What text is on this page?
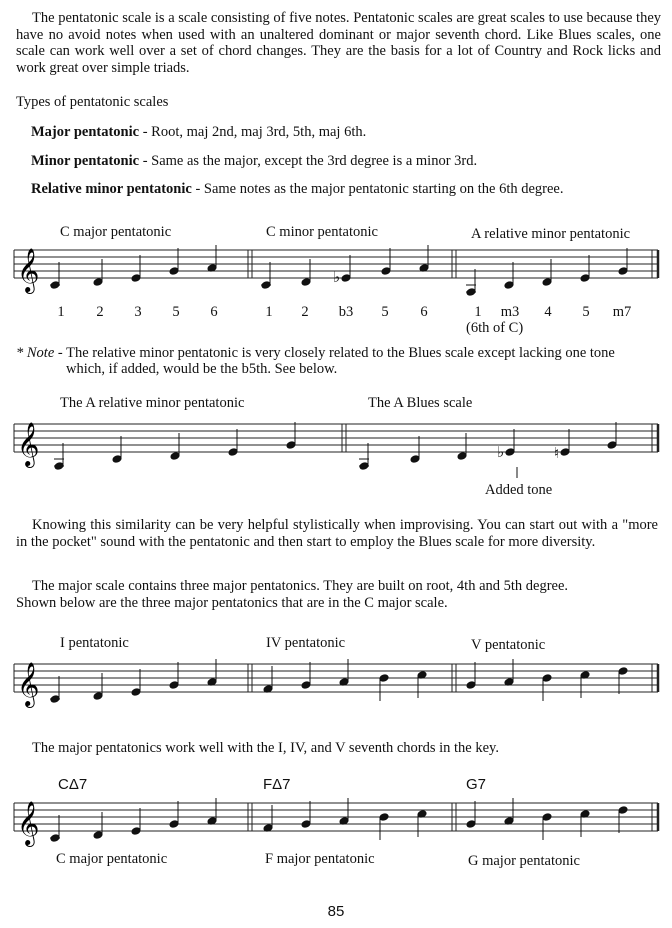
The pentatonic scale is a scale consisting of five notes. Pentatonic scales are great scales to use because they have no avoid notes when used with an unaltered dominant or major seventh chord. Like Blues scales, one scale can work well over a set of chord changes. They are the basis for a lot of Country and Rock licks and work great over simple triads.
Types of pentatonic scales
Major pentatonic - Root, maj 2nd, maj 3rd, 5th, maj 6th.
Minor pentatonic - Same as the major, except the 3rd degree is a minor 3rd.
Relative minor pentatonic - Same notes as the major pentatonic starting on the 6th degree.
C major pentatonic	C minor pentatonic	A relative minor pentatonic
𝄞	♭
1	2	3	5	6	1	2	b3	5	6	1	m3	4	5	m7
(6th of C)
* Note - The relative minor pentatonic is very closely related to the Blues scale except lacking one tone
which, if added, would be the b5th. See below.
The A relative minor pentatonic	The A Blues scale
𝄞	♭	♮
Added tone
Knowing this similarity can be very helpful stylistically when improvising. You can start out with a "more in the pocket" sound with the pentatonic and then start to employ the Blues scale for more diversity.
The major scale contains three major pentatonics. They are built on root, 4th and 5th degree.
Shown below are the three major pentatonics that are in the C major scale.
I pentatonic	IV pentatonic	V pentatonic
𝄞
The major pentatonics work well with the I, IV, and V seventh chords in the key.
CΔ7	FΔ7	G7
𝄞
C major pentatonic	F major pentatonic	G major pentatonic
85
